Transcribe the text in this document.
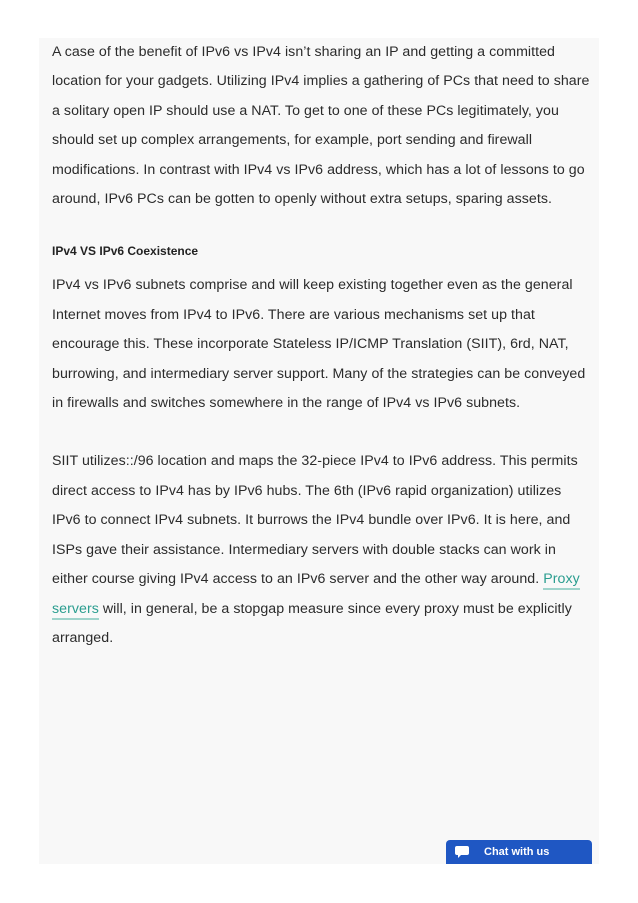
A case of the benefit of IPv6 vs IPv4 isn’t sharing an IP and getting a committed location for your gadgets. Utilizing IPv4 implies a gathering of PCs that need to share a solitary open IP should use a NAT. To get to one of these PCs legitimately, you should set up complex arrangements, for example, port sending and firewall modifications. In contrast with IPv4 vs IPv6 address, which has a lot of lessons to go around, IPv6 PCs can be gotten to openly without extra setups, sparing assets.

IPv4 VS IPv6 Coexistence

IPv4 vs IPv6 subnets comprise and will keep existing together even as the general Internet moves from IPv4 to IPv6. There are various mechanisms set up that encourage this. These incorporate Stateless IP/ICMP Translation (SIIT), 6rd, NAT, burrowing, and intermediary server support. Many of the strategies can be conveyed in firewalls and switches somewhere in the range of IPv4 vs IPv6 subnets.

SIIT utilizes::/96 location and maps the 32-piece IPv4 to IPv6 address. This permits direct access to IPv4 has by IPv6 hubs. The 6th (IPv6 rapid organization) utilizes IPv6 to connect IPv4 subnets. It burrows the IPv4 bundle over IPv6. It is here, and ISPs gave their assistance. Intermediary servers with double stacks can work in either course giving IPv4 access to an IPv6 server and the other way around. Proxy servers will, in general, be a stopgap measure since every proxy must be explicitly arranged.

Chat with us
